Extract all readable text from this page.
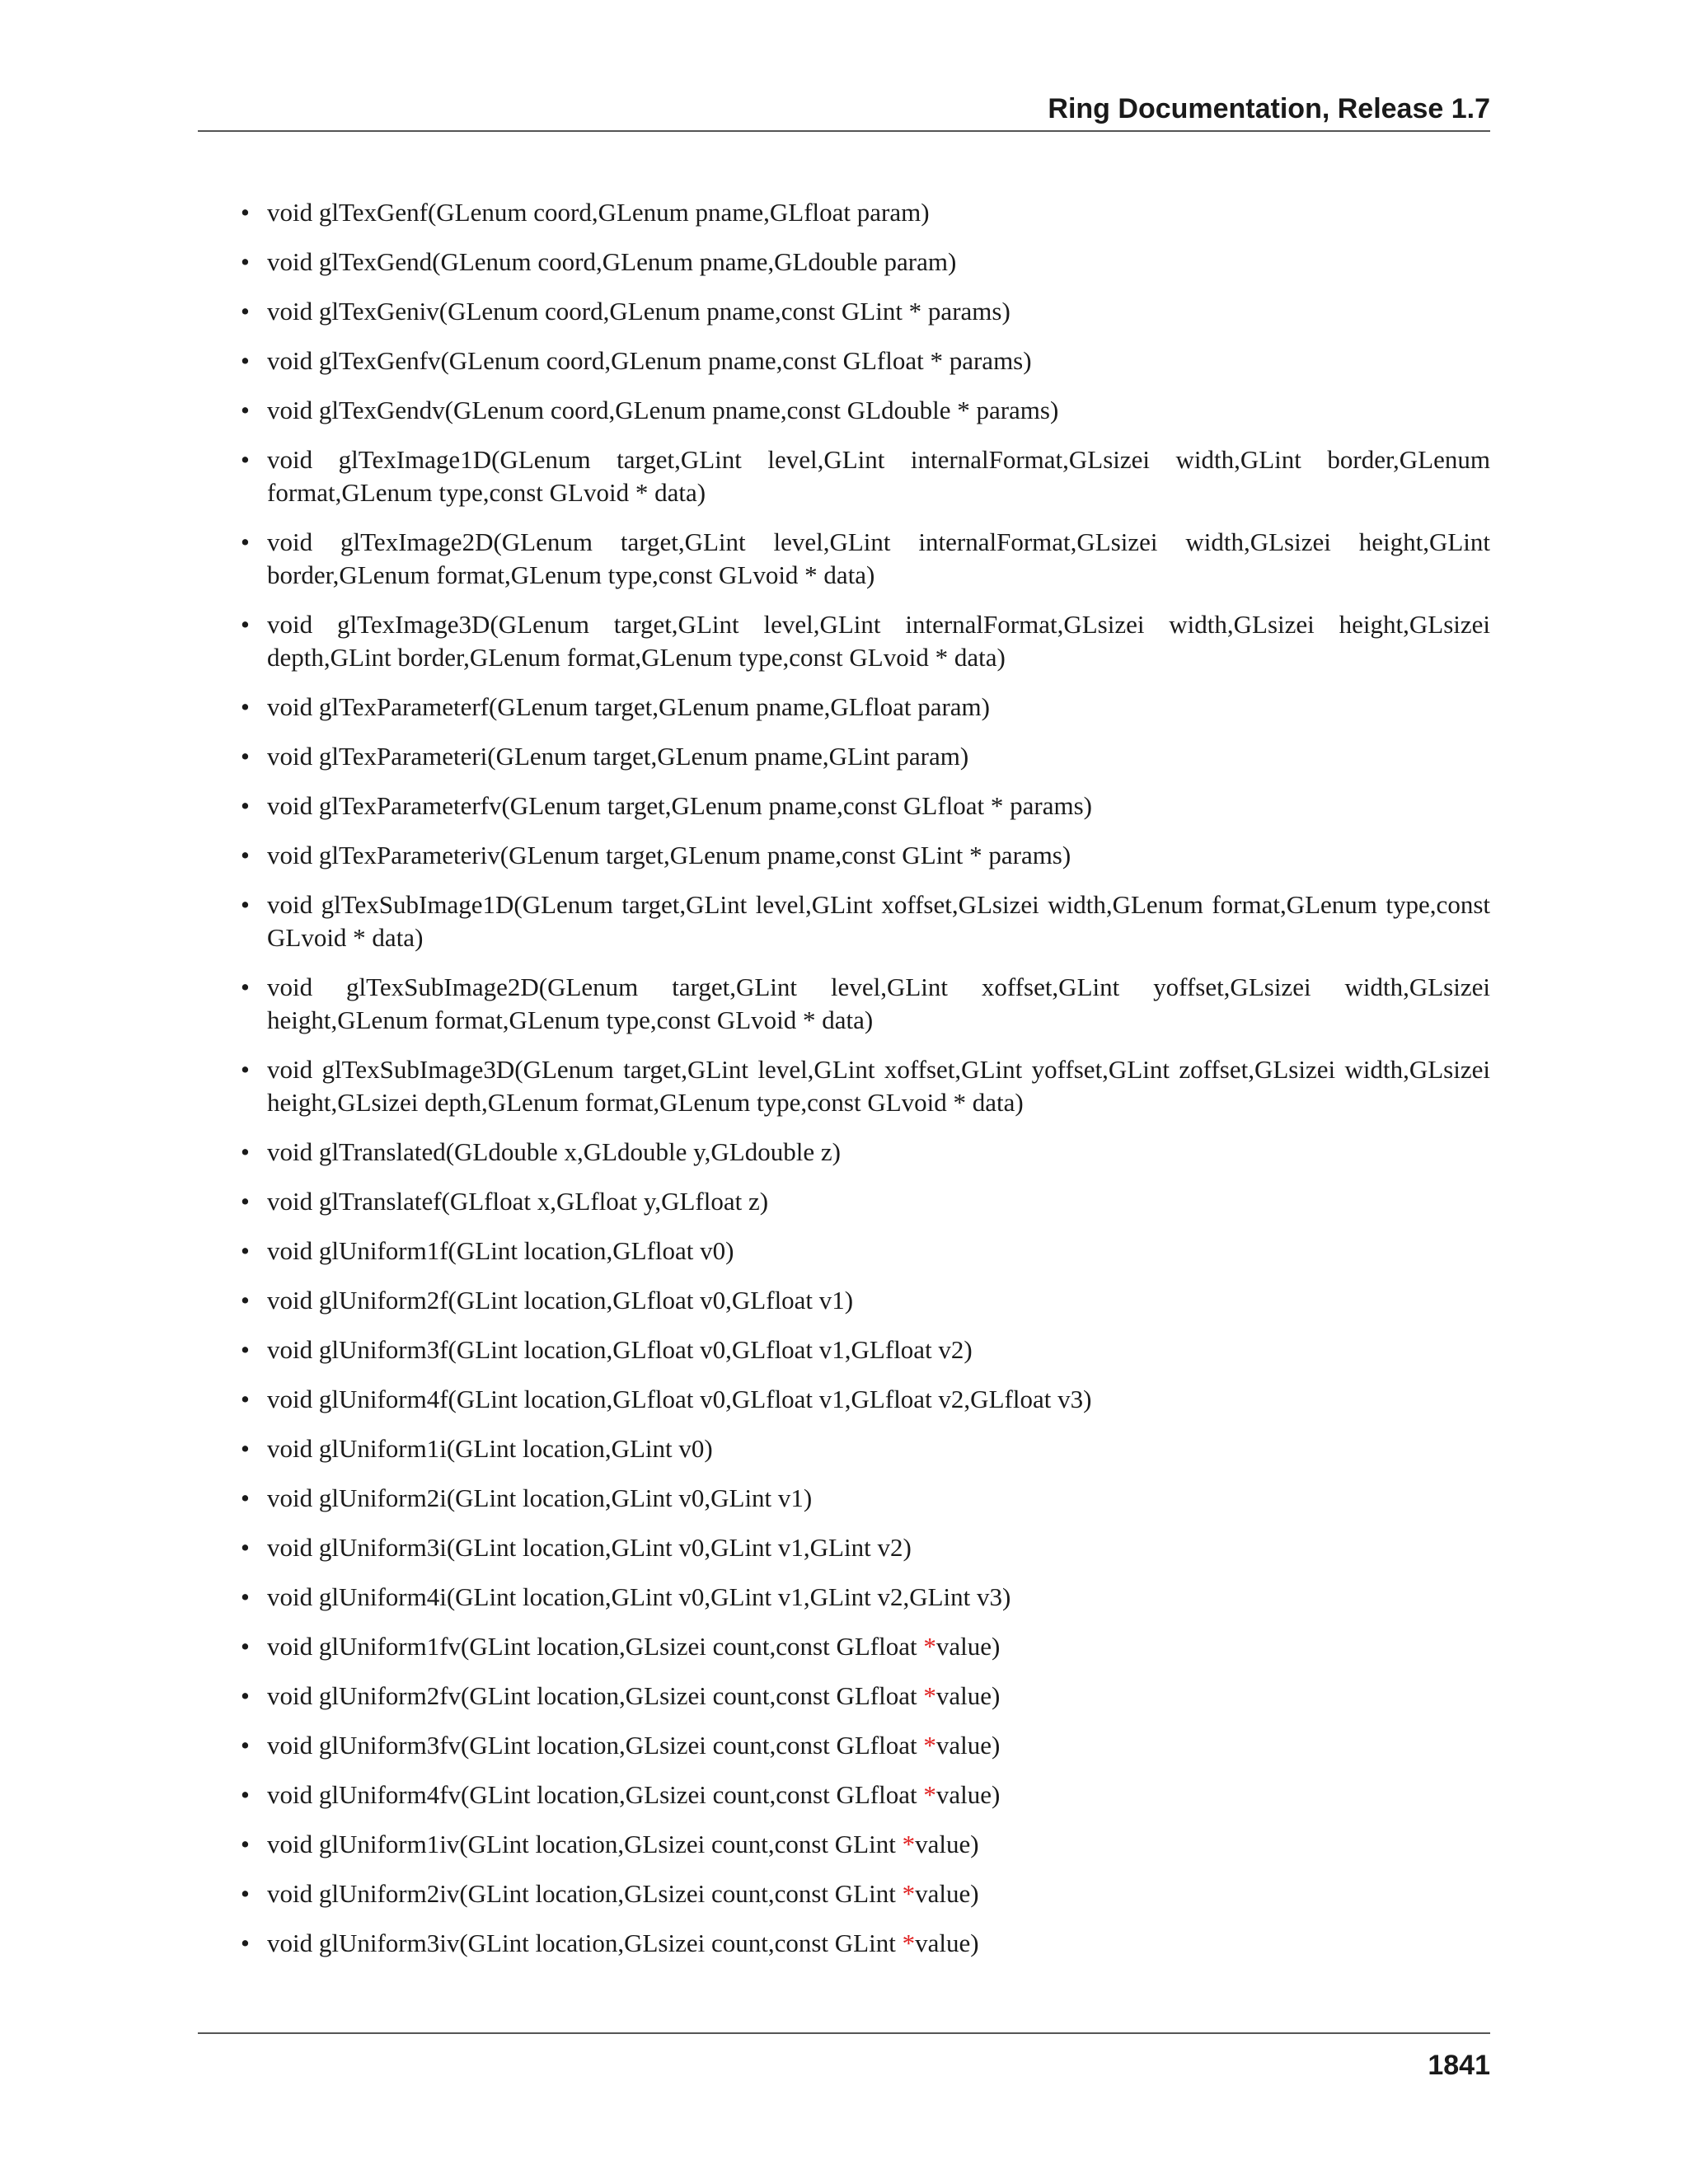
Ring Documentation, Release 1.7
• void glTexGenf(GLenum coord,GLenum pname,GLfloat param)
• void glTexGend(GLenum coord,GLenum pname,GLdouble param)
• void glTexGeniv(GLenum coord,GLenum pname,const GLint * params)
• void glTexGenfv(GLenum coord,GLenum pname,const GLfloat * params)
• void glTexGendv(GLenum coord,GLenum pname,const GLdouble * params)
• void glTexImage1D(GLenum target,GLint level,GLint internalFormat,GLsizei width,GLint border,GLenum format,GLenum type,const GLvoid * data)
• void glTexImage2D(GLenum target,GLint level,GLint internalFormat,GLsizei width,GLsizei height,GLint border,GLenum format,GLenum type,const GLvoid * data)
• void glTexImage3D(GLenum target,GLint level,GLint internalFormat,GLsizei width,GLsizei height,GLsizei depth,GLint border,GLenum format,GLenum type,const GLvoid * data)
• void glTexParameterf(GLenum target,GLenum pname,GLfloat param)
• void glTexParameteri(GLenum target,GLenum pname,GLint param)
• void glTexParameterfv(GLenum target,GLenum pname,const GLfloat * params)
• void glTexParameteriv(GLenum target,GLenum pname,const GLint * params)
• void glTexSubImage1D(GLenum target,GLint level,GLint xoffset,GLsizei width,GLenum format,GLenum type,const GLvoid * data)
• void glTexSubImage2D(GLenum target,GLint level,GLint xoffset,GLint yoffset,GLsizei width,GLsizei height,GLenum format,GLenum type,const GLvoid * data)
• void glTexSubImage3D(GLenum target,GLint level,GLint xoffset,GLint yoffset,GLint zoffset,GLsizei width,GLsizei height,GLsizei depth,GLenum format,GLenum type,const GLvoid * data)
• void glTranslated(GLdouble x,GLdouble y,GLdouble z)
• void glTranslatef(GLfloat x,GLfloat y,GLfloat z)
• void glUniform1f(GLint location,GLfloat v0)
• void glUniform2f(GLint location,GLfloat v0,GLfloat v1)
• void glUniform3f(GLint location,GLfloat v0,GLfloat v1,GLfloat v2)
• void glUniform4f(GLint location,GLfloat v0,GLfloat v1,GLfloat v2,GLfloat v3)
• void glUniform1i(GLint location,GLint v0)
• void glUniform2i(GLint location,GLint v0,GLint v1)
• void glUniform3i(GLint location,GLint v0,GLint v1,GLint v2)
• void glUniform4i(GLint location,GLint v0,GLint v1,GLint v2,GLint v3)
• void glUniform1fv(GLint location,GLsizei count,const GLfloat *value)
• void glUniform2fv(GLint location,GLsizei count,const GLfloat *value)
• void glUniform3fv(GLint location,GLsizei count,const GLfloat *value)
• void glUniform4fv(GLint location,GLsizei count,const GLfloat *value)
• void glUniform1iv(GLint location,GLsizei count,const GLint *value)
• void glUniform2iv(GLint location,GLsizei count,const GLint *value)
• void glUniform3iv(GLint location,GLsizei count,const GLint *value)
1841
